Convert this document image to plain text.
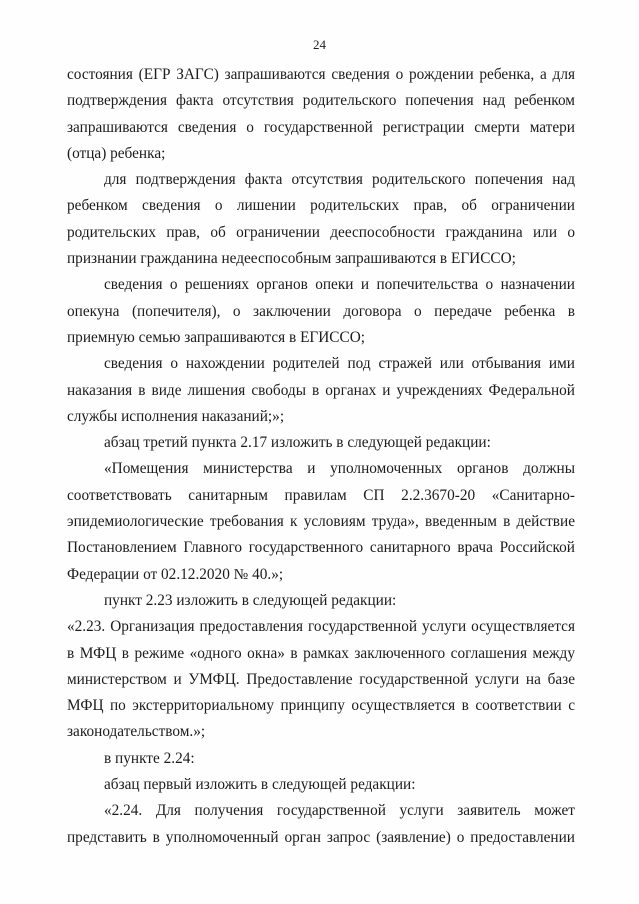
24

состояния (ЕГР ЗАГС) запрашиваются сведения о рождении ребенка, а для подтверждения факта отсутствия родительского попечения над ребенком запрашиваются сведения о государственной регистрации смерти матери (отца) ребенка;

для подтверждения факта отсутствия родительского попечения над ребенком сведения о лишении родительских прав, об ограничении родительских прав, об ограничении дееспособности гражданина или о признании гражданина недееспособным запрашиваются в ЕГИССО;

сведения о решениях органов опеки и попечительства о назначении опекуна (попечителя), о заключении договора о передаче ребенка в приемную семью запрашиваются в ЕГИССО;

сведения о нахождении родителей под стражей или отбывания ими наказания в виде лишения свободы в органах и учреждениях Федеральной службы исполнения наказаний;»;

абзац третий пункта 2.17 изложить в следующей редакции:

«Помещения министерства и уполномоченных органов должны соответствовать санитарным правилам СП 2.2.3670-20 «Санитарно-эпидемиологические требования к условиям труда», введенным в действие Постановлением Главного государственного санитарного врача Российской Федерации от 02.12.2020 № 40.»;

пункт 2.23 изложить в следующей редакции:

«2.23. Организация предоставления государственной услуги осуществляется в МФЦ в режиме «одного окна» в рамках заключенного соглашения между министерством и УМФЦ. Предоставление государственной услуги на базе МФЦ по экстерриториальному принципу осуществляется в соответствии с законодательством.»;

в пункте 2.24:

абзац первый изложить в следующей редакции:

«2.24. Для получения государственной услуги заявитель может представить в уполномоченный орган запрос (заявление) о предоставлении
